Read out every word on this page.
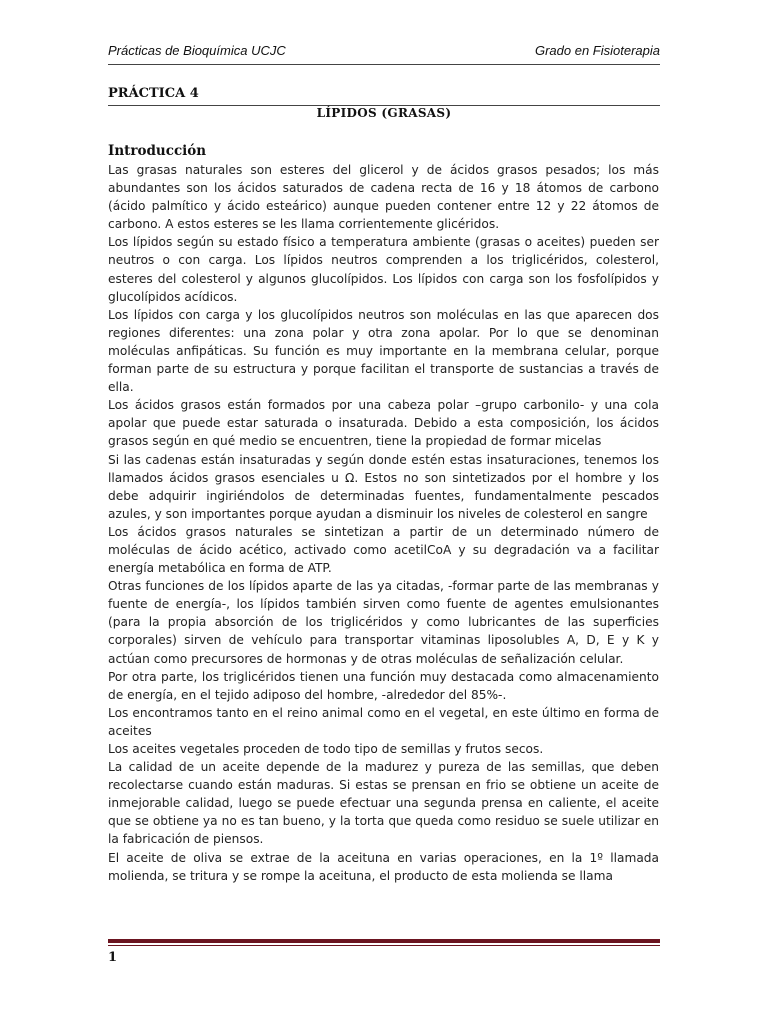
Prácticas de Bioquímica UCJC	Grado en Fisioterapia
PRÁCTICA 4
LÍPIDOS (GRASAS)
Introducción

Las grasas naturales son esteres del glicerol y de ácidos grasos pesados; los más abundantes son los ácidos saturados de cadena recta de 16 y 18 átomos de carbono (ácido palmítico y ácido esteárico) aunque pueden contener entre 12 y 22 átomos de carbono. A estos esteres se les llama corrientemente glicéridos.

Los lípidos según su estado físico a temperatura ambiente (grasas o aceites) pueden ser neutros o con carga. Los lípidos neutros comprenden a los triglicéridos, colesterol, esteres del colesterol y algunos glucolípidos. Los lípidos con carga son los fosfolípidos y glucolípidos acídicos.

Los lípidos con carga y los glucolípidos neutros son moléculas en las que aparecen dos regiones diferentes: una zona polar y otra zona apolar. Por lo que se denominan moléculas anfipáticas. Su función es muy importante en la membrana celular, porque forman parte de su estructura y porque facilitan el transporte de sustancias a través de ella.

Los ácidos grasos están formados por una cabeza polar –grupo carbonilo- y una cola apolar que puede estar saturada o insaturada. Debido a esta composición, los ácidos grasos según en qué medio se encuentren, tiene la propiedad de formar micelas

Si las cadenas están insaturadas y según donde estén estas insaturaciones, tenemos los llamados ácidos grasos esenciales u Ω. Estos no son sintetizados por el hombre y los debe adquirir ingiriéndolos de determinadas fuentes, fundamentalmente pescados azules, y son importantes porque ayudan a disminuir los niveles de colesterol en sangre

Los ácidos grasos naturales se sintetizan a partir de un determinado número de moléculas de ácido acético, activado como acetilCoA y su degradación va a facilitar energía metabólica en forma de ATP.

Otras funciones de los lípidos aparte de las ya citadas, -formar parte de las membranas y fuente de energía-, los lípidos también sirven como fuente de agentes emulsionantes (para la propia absorción de los triglicéridos y como lubricantes de las superficies corporales) sirven de vehículo para transportar vitaminas liposolubles A, D, E y K y actúan como precursores de hormonas y de otras moléculas de señalización celular.

Por otra parte, los triglicéridos tienen una función muy destacada como almacenamiento de energía, en el tejido adiposo del hombre, -alrededor del 85%-.

Los encontramos tanto en el reino animal como en el vegetal, en este último en forma de aceites

Los aceites vegetales proceden de todo tipo de semillas y frutos secos.

La calidad de un aceite depende de la madurez y pureza de las semillas, que deben recolectarse cuando están maduras. Si estas se prensan en frio se obtiene un aceite de inmejorable calidad, luego se puede efectuar una segunda prensa en caliente, el aceite que se obtiene ya no es tan bueno, y la torta que queda como residuo se suele utilizar en la fabricación de piensos.

El aceite de oliva se extrae de la aceituna en varias operaciones, en la 1º llamada molienda, se tritura y se rompe la aceituna, el producto de esta molienda se llama

1
